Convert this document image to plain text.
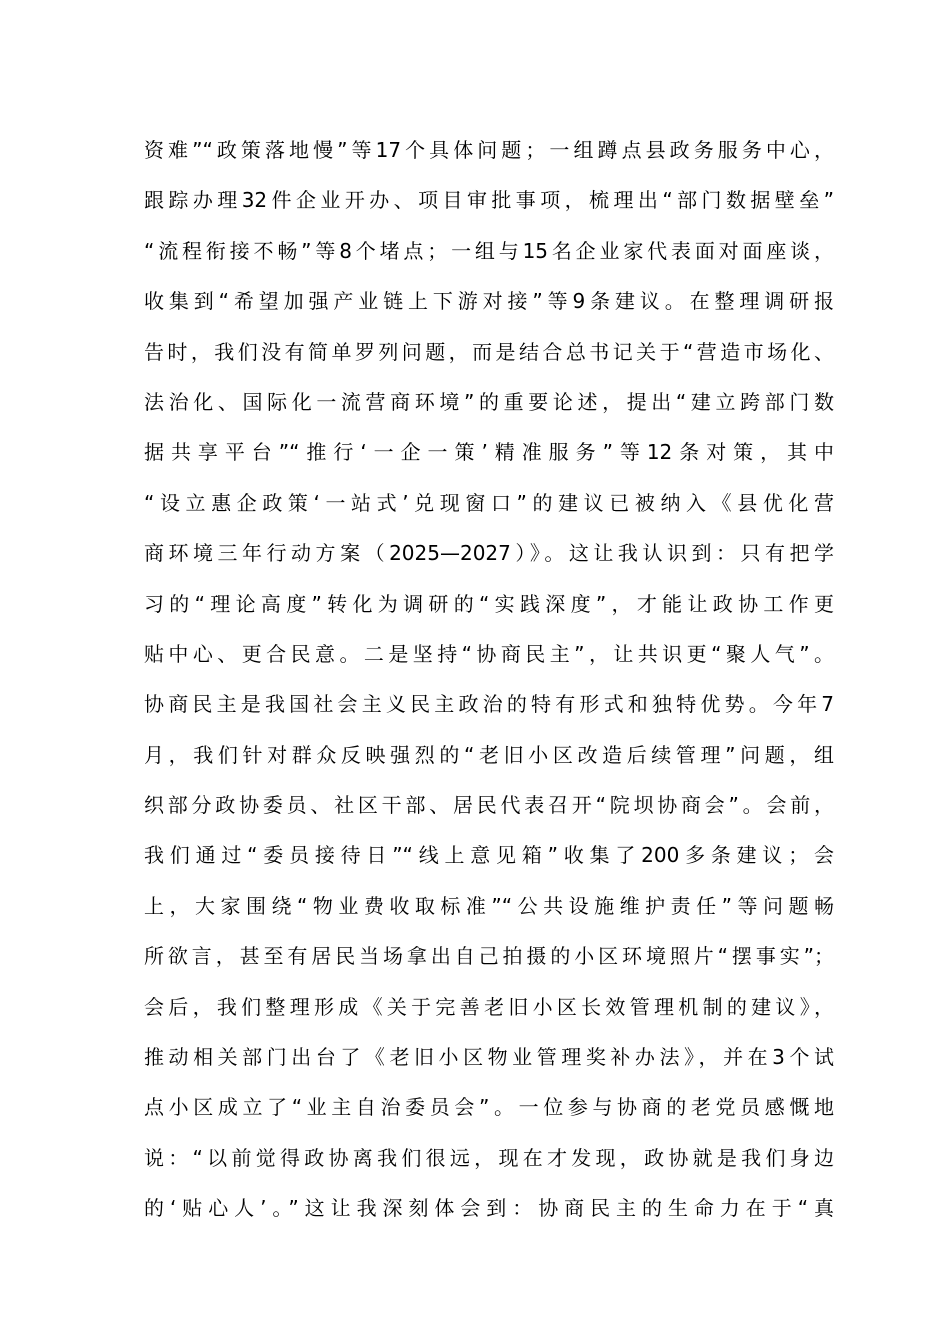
资难”“政策落地慢”等17个具体问题；一组蹲点县政务服务中心，
跟踪办理32件企业开办、项目审批事项，梳理出“部门数据壁垒”
“流程衔接不畅”等8个堵点；一组与15名企业家代表面对面座谈，
收集到“希望加强产业链上下游对接”等9条建议。在整理调研报
告时，我们没有简单罗列问题，而是结合总书记关于“营造市场化、
法治化、国际化一流营商环境”的重要论述，提出“建立跨部门数
据共享平台”“推行‘一企一策’精准服务”等12条对策，其中
“设立惠企政策‘一站式’兑现窗口”的建议已被纳入《县优化营
商环境三年行动方案（2025—2027）》。这让我认识到：只有把学
习的“理论高度”转化为调研的“实践深度”，才能让政协工作更
贴中心、更合民意。二是坚持“协商民主”，让共识更“聚人气”。
协商民主是我国社会主义民主政治的特有形式和独特优势。今年7
月，我们针对群众反映强烈的“老旧小区改造后续管理”问题，组
织部分政协委员、社区干部、居民代表召开“院坝协商会”。会前，
我们通过“委员接待日”“线上意见箱”收集了200多条建议；会
上，大家围绕“物业费收取标准”“公共设施维护责任”等问题畅
所欲言，甚至有居民当场拿出自己拍摄的小区环境照片“摆事实”；
会后，我们整理形成《关于完善老旧小区长效管理机制的建议》，
推动相关部门出台了《老旧小区物业管理奖补办法》，并在3个试
点小区成立了“业主自治委员会”。一位参与协商的老党员感慨地
说：“以前觉得政协离我们很远，现在才发现，政协就是我们身边
的‘贴心人’。”这让我深刻体会到：协商民主的生命力在于“真
